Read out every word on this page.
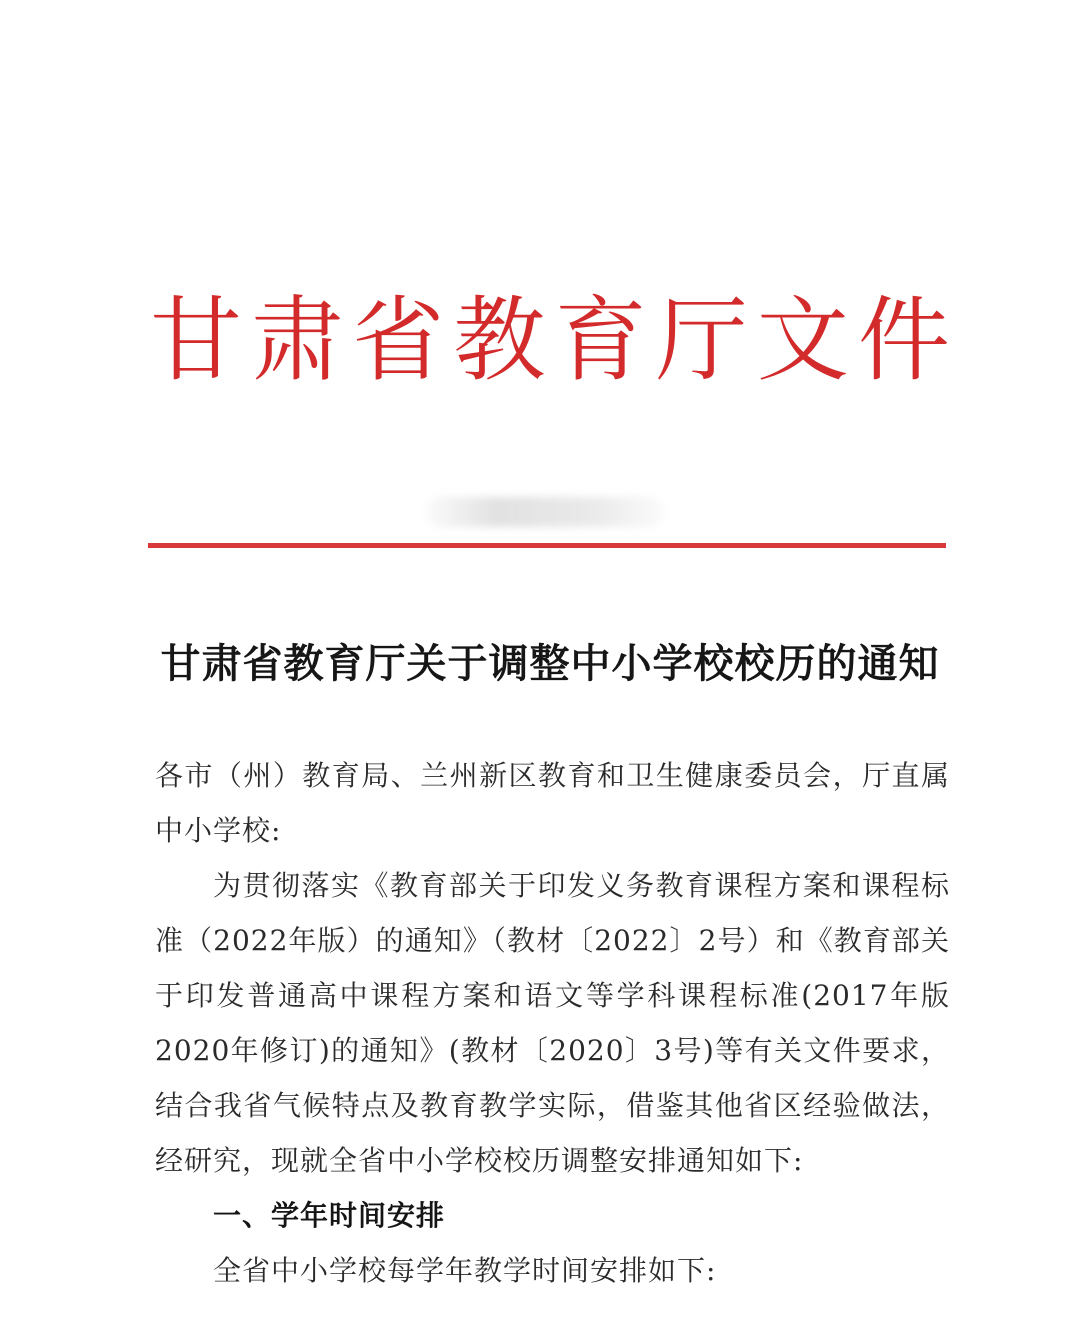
甘 肃 省 教 育 厅 文 件
甘肃省教育厅关于调整中小学校校历的通知

各市（州）教育局、兰州新区教育和卫生健康委员会，厅直属中小学校:

为贯彻落实《教育部关于印发义务教育课程方案和课程标准（2022年版）的通知》（教材〔2022〕2号）和《教育部关于印发普通高中课程方案和语文等学科课程标准(2017年版2020年修订)的通知》(教材〔2020〕3号)等有关文件要求，结合我省气候特点及教育教学实际，借鉴其他省区经验做法，经研究，现就全省中小学校校历调整安排通知如下:

一、学年时间安排

全省中小学校每学年教学时间安排如下:
